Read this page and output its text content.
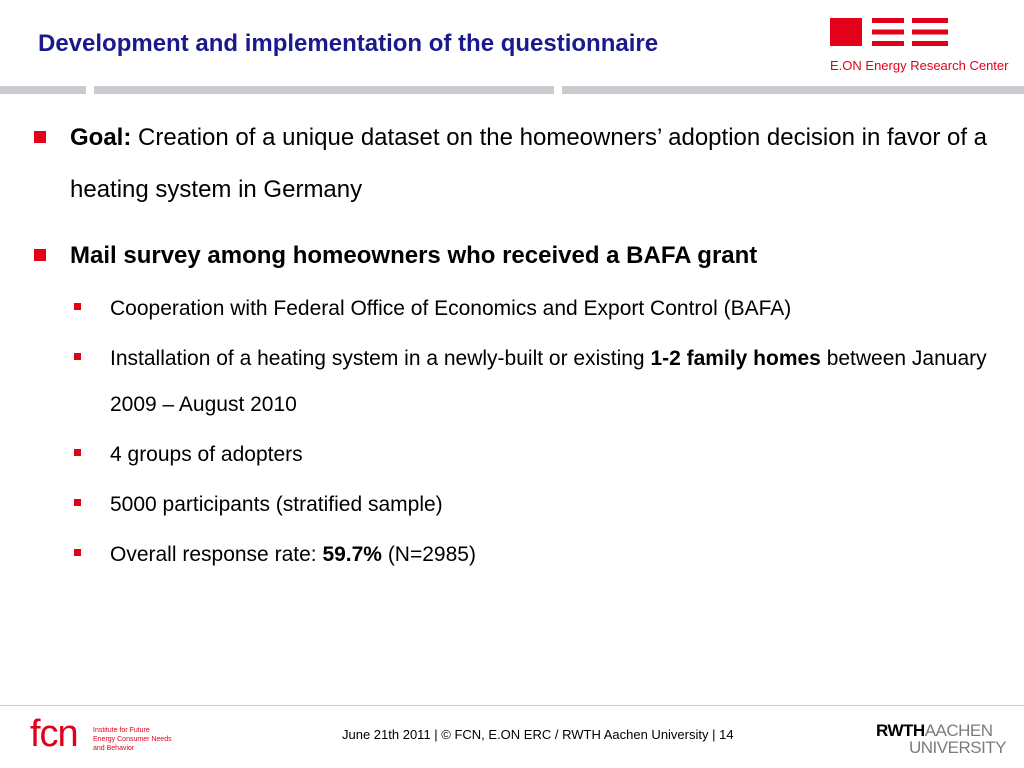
Development and implementation of the questionnaire
E.ON Energy Research Center
Goal: Creation of a unique dataset on the homeowners’ adoption decision in favor of a heating system in Germany
Mail survey among homeowners who received a BAFA grant
Cooperation with Federal Office of Economics and Export Control (BAFA)
Installation of a heating system in a newly-built or existing 1-2 family homes between January 2009 – August 2010
4 groups of adopters
5000 participants (stratified sample)
Overall response rate: 59.7% (N=2985)
fcn Institute for Future
Energy Consumer Needs
and Behavior
June 21th 2011 | © FCN, E.ON ERC / RWTH Aachen University | 14	RWTHAACHEN
UNIVERSITY
